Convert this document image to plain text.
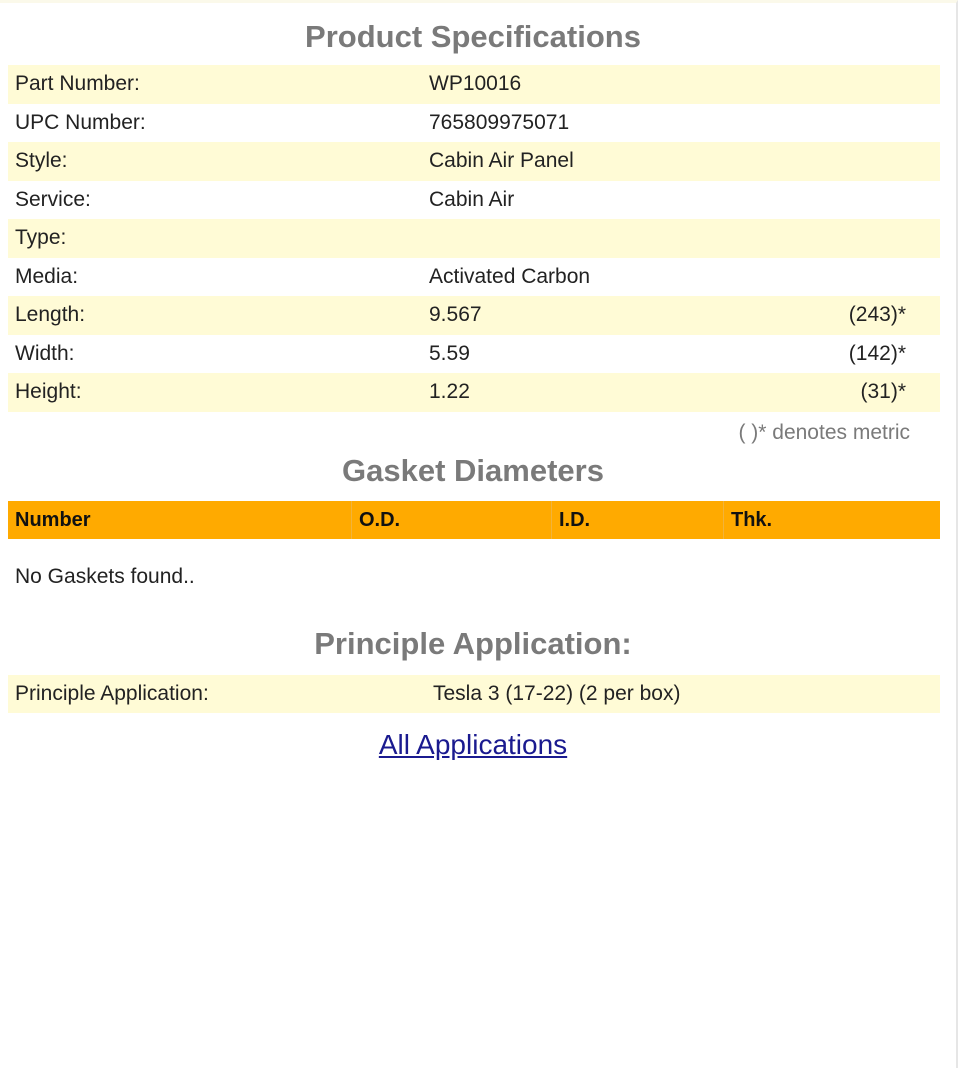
Product Specifications
Part Number:	WP10016
UPC Number:	765809975071
Style:	Cabin Air Panel
Service:	Cabin Air
Type:
Media:	Activated Carbon
Length:	9.567	(243)*
Width:	5.59	(142)*
Height:	1.22	(31)*
( )* denotes metric
Gasket Diameters
Number	O.D.	I.D.	Thk.
No Gaskets found..
Principle Application:
Principle Application:	Tesla 3 (17-22) (2 per box)
All Applications
